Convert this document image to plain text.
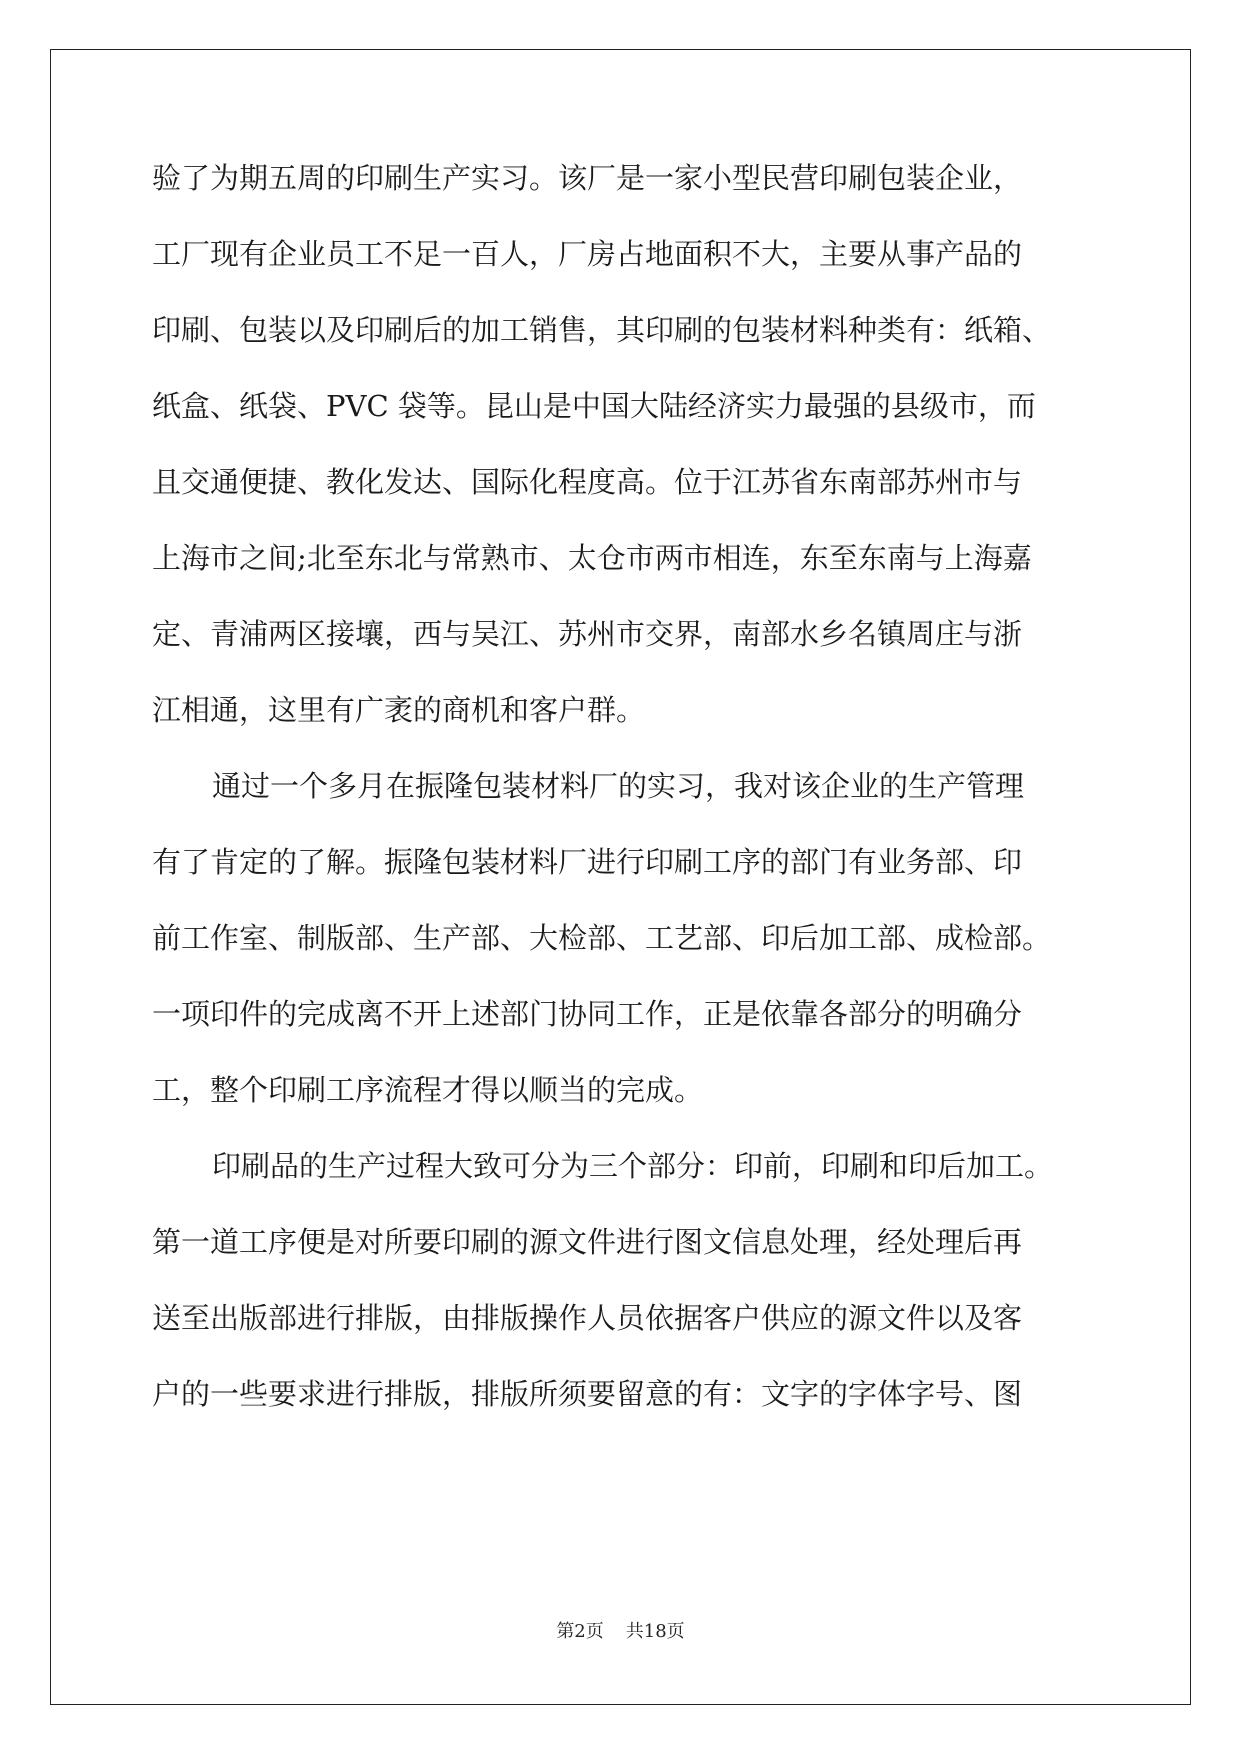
验了为期五周的印刷生产实习。该厂是一家小型民营印刷包装企业，
工厂现有企业员工不足一百人，厂房占地面积不大，主要从事产品的
印刷、包装以及印刷后的加工销售，其印刷的包装材料种类有：纸箱、
纸盒、纸袋、PVC 袋等。昆山是中国大陆经济实力最强的县级市，而
且交通便捷、教化发达、国际化程度高。位于江苏省东南部苏州市与
上海市之间;北至东北与常熟市、太仓市两市相连，东至东南与上海嘉
定、青浦两区接壤，西与吴江、苏州市交界，南部水乡名镇周庄与浙
江相通，这里有广袤的商机和客户群。
通过一个多月在振隆包装材料厂的实习，我对该企业的生产管理
有了肯定的了解。振隆包装材料厂进行印刷工序的部门有业务部、印
前工作室、制版部、生产部、大检部、工艺部、印后加工部、成检部。
一项印件的完成离不开上述部门协同工作，正是依靠各部分的明确分
工，整个印刷工序流程才得以顺当的完成。
印刷品的生产过程大致可分为三个部分：印前，印刷和印后加工。
第一道工序便是对所要印刷的源文件进行图文信息处理，经处理后再
送至出版部进行排版，由排版操作人员依据客户供应的源文件以及客
户的一些要求进行排版，排版所须要留意的有：文字的字体字号、图
第2页 共18页
